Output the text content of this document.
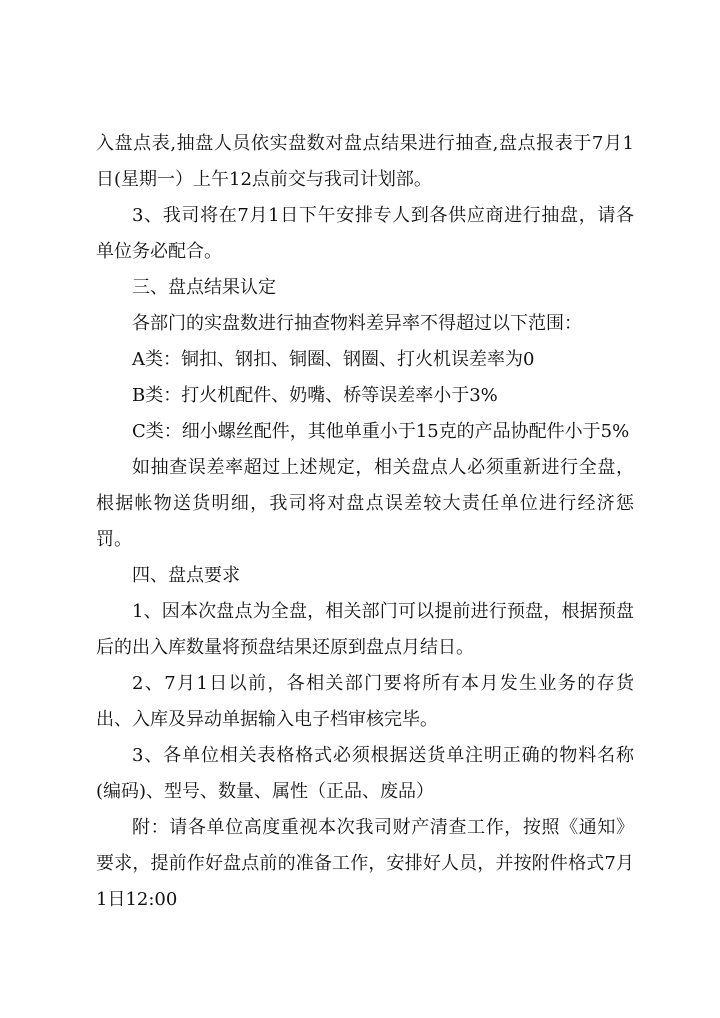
入盘点表,抽盘人员依实盘数对盘点结果进行抽查,盘点报表于7月1日(星期一）上午12点前交与我司计划部。

3、我司将在7月1日下午安排专人到各供应商进行抽盘，请各单位务必配合。

三、盘点结果认定

各部门的实盘数进行抽查物料差异率不得超过以下范围：

A类：铜扣、钢扣、铜圈、钢圈、打火机误差率为0

B类：打火机配件、奶嘴、桥等误差率小于3%

C类：细小螺丝配件，其他单重小于15克的产品协配件小于5%

如抽查误差率超过上述规定，相关盘点人必须重新进行全盘，根据帐物送货明细，我司将对盘点误差较大责任单位进行经济惩罚。

四、盘点要求

1、因本次盘点为全盘，相关部门可以提前进行预盘，根据预盘后的出入库数量将预盘结果还原到盘点月结日。

2、7月1日以前，各相关部门要将所有本月发生业务的存货出、入库及异动单据输入电子档审核完毕。

3、各单位相关表格格式必须根据送货单注明正确的物料名称(编码)、型号、数量、属性（正品、废品）

附：请各单位高度重视本次我司财产清查工作，按照《通知》要求，提前作好盘点前的准备工作，安排好人员，并按附件格式7月1日12:00
